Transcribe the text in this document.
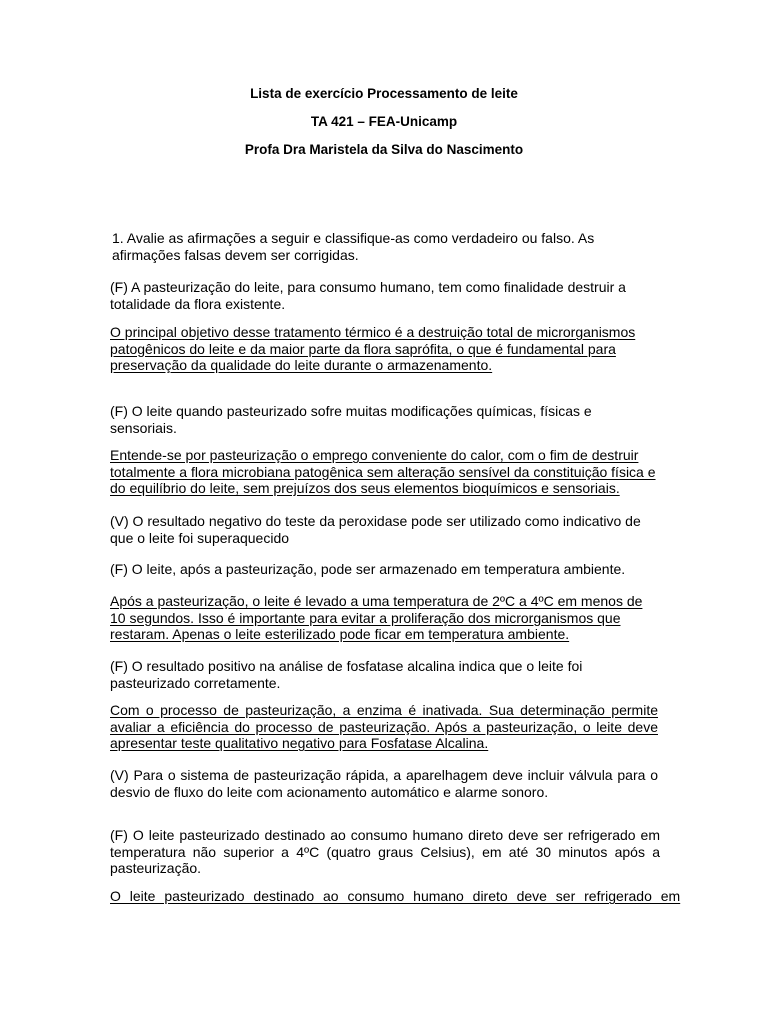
Lista de exercício Processamento de leite
TA 421 – FEA-Unicamp
Profa Dra Maristela da Silva do Nascimento
1. Avalie as afirmações a seguir e classifique-as como verdadeiro ou falso. As afirmações falsas devem ser corrigidas.
(F) A pasteurização do leite, para consumo humano, tem como finalidade destruir a totalidade da flora existente.
O principal objetivo desse tratamento térmico é a destruição total de microrganismos patogênicos do leite e da maior parte da flora saprófita, o que é fundamental para preservação da qualidade do leite durante o armazenamento.
(F) O leite quando pasteurizado sofre muitas modificações químicas, físicas e sensoriais.
Entende-se por pasteurização o emprego conveniente do calor, com o fim de destruir totalmente a flora microbiana patogênica sem alteração sensível da constituição física e do equilíbrio do leite, sem prejuízos dos seus elementos bioquímicos e sensoriais.
(V) O resultado negativo do teste da peroxidase pode ser utilizado como indicativo de que o leite foi superaquecido
(F) O leite, após a pasteurização, pode ser armazenado em temperatura ambiente.
Após a pasteurização, o leite é levado a uma temperatura de 2ºC a 4ºC em menos de 10 segundos. Isso é importante para evitar a proliferação dos microrganismos que restaram. Apenas o leite esterilizado pode ficar em temperatura ambiente.
(F) O resultado positivo na análise de fosfatase alcalina indica que o leite foi pasteurizado corretamente.
Com o processo de pasteurização, a enzima é inativada. Sua determinação permite avaliar a eficiência do processo de pasteurização. Após a pasteurização, o leite deve apresentar teste qualitativo negativo para Fosfatase Alcalina.
(V) Para o sistema de pasteurização rápida, a aparelhagem deve incluir válvula para o desvio de fluxo do leite com acionamento automático e alarme sonoro.
(F) O leite pasteurizado destinado ao consumo humano direto deve ser refrigerado em temperatura não superior a 4ºC (quatro graus Celsius), em até 30 minutos após a pasteurização.
O leite pasteurizado destinado ao consumo humano direto deve ser refrigerado em
